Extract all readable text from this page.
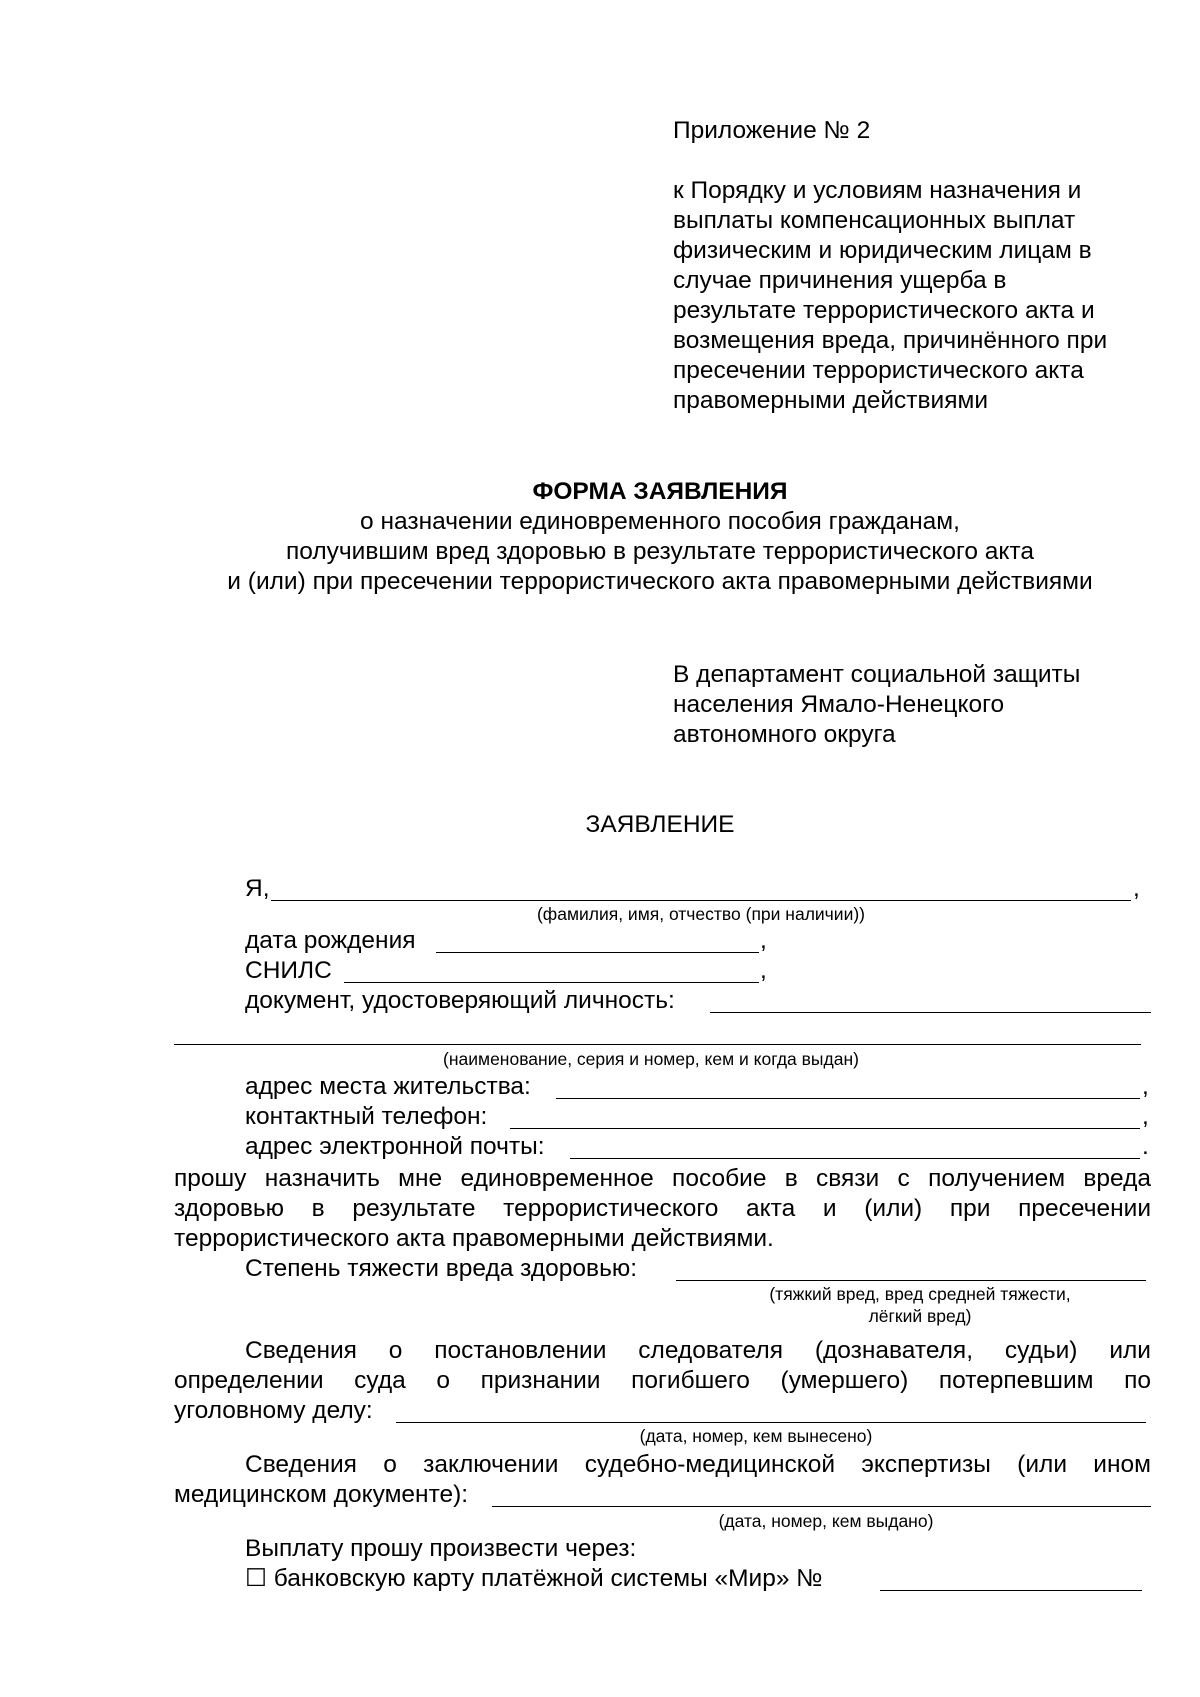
Приложение № 2
к Порядку и условиям назначения и
выплаты компенсационных выплат
физическим и юридическим лицам в
случае причинения ущерба в
результате террористического акта и
возмещения вреда, причинённого при
пресечении террористического акта
правомерными действиями
ФОРМА ЗАЯВЛЕНИЯ
о назначении единовременного пособия гражданам,
получившим вред здоровью в результате террористического акта
и (или) при пресечении террористического акта правомерными действиями
В департамент социальной защиты
населения Ямало-Ненецкого
автономного округа
ЗАЯВЛЕНИЕ
Я,	,
(фамилия, имя, отчество (при наличии))
дата рождения	,
СНИЛС	,
документ, удостоверяющий личность:
(наименование, серия и номер, кем и когда выдан)
адрес места жительства:	,
контактный телефон:	,
адрес электронной почты:	.
прошу назначить мне единовременное пособие в связи с получением вреда
здоровью в результате террористического акта и (или) при пресечении
террористического акта правомерными действиями.
Степень тяжести вреда здоровью:
(тяжкий вред, вред средней тяжести,
лёгкий вред)
Сведения о постановлении следователя (дознавателя, судьи) или
определении суда о признании погибшего (умершего) потерпевшим по
уголовному делу:
(дата, номер, кем вынесено)
Сведения о заключении судебно-медицинской экспертизы (или ином
медицинском документе):
(дата, номер, кем выдано)
Выплату прошу произвести через:
☐ банковскую карту платёжной системы «Мир» №
